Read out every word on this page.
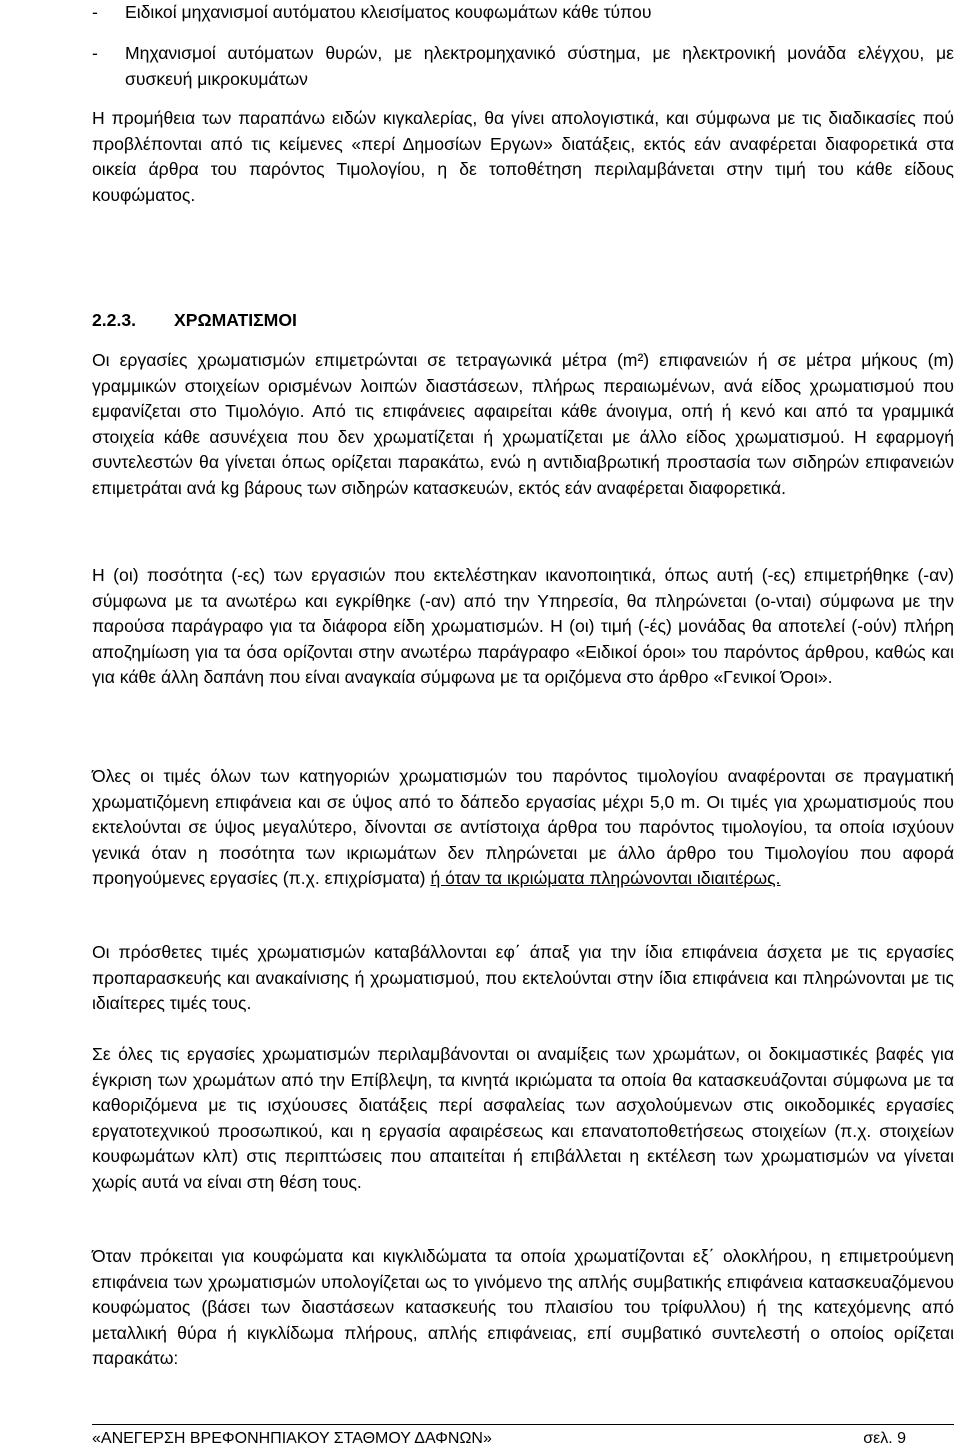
-	Ειδικοί μηχανισμοί αυτόματου κλεισίματος κουφωμάτων κάθε τύπου
-	Μηχανισμοί αυτόματων θυρών, με ηλεκτρομηχανικό σύστημα, με ηλεκτρονική μονάδα ελέγχου, με συσκευή μικροκυμάτων

Η προμήθεια των παραπάνω ειδών κιγκαλερίας, θα γίνει απολογιστικά, και σύμφωνα με τις διαδικασίες πού προβλέπονται από τις κείμενες «περί Δημοσίων Εργων» διατάξεις, εκτός εάν αναφέρεται διαφορετικά στα οικεία άρθρα του παρόντος Τιμολογίου, η δε τοποθέτηση περιλαμβάνεται στην τιμή του κάθε είδους κουφώματος.

2.2.3. ΧΡΩΜΑΤΙΣΜΟΙ

Οι εργασίες χρωματισμών επιμετρώνται σε τετραγωνικά μέτρα (m²) επιφανειών ή σε μέτρα μήκους (m) γραμμικών στοιχείων ορισμένων λοιπών διαστάσεων, πλήρως περαιωμένων, ανά είδος χρωματισμού που εμφανίζεται στο Τιμολόγιο. Από τις επιφάνειες αφαιρείται κάθε άνοιγμα, οπή ή κενό και από τα γραμμικά στοιχεία κάθε ασυνέχεια που δεν χρωματίζεται ή χρωματίζεται με άλλο είδος χρωματισμού. Η εφαρμογή συντελεστών θα γίνεται όπως ορίζεται παρακάτω, ενώ η αντιδιαβρωτική προστασία των σιδηρών επιφανειών επιμετράται ανά kg βάρους των σιδηρών κατασκευών, εκτός εάν αναφέρεται διαφορετικά.

Η (οι) ποσότητα (-ες) των εργασιών που εκτελέστηκαν ικανοποιητικά, όπως αυτή (-ες) επιμετρήθηκε (-αν) σύμφωνα με τα ανωτέρω και εγκρίθηκε (-αν) από την Υπηρεσία, θα πληρώνεται (ο-νται) σύμφωνα με την παρούσα παράγραφο για τα διάφορα είδη χρωματισμών. Η (οι) τιμή (-ές) μονάδας θα αποτελεί (-ούν) πλήρη αποζημίωση για τα όσα ορίζονται στην ανωτέρω παράγραφο «Ειδικοί όροι» του παρόντος άρθρου, καθώς και για κάθε άλλη δαπάνη που είναι αναγκαία σύμφωνα με τα οριζόμενα στο άρθρο «Γενικοί Όροι».

Όλες οι τιμές όλων των κατηγοριών χρωματισμών του παρόντος τιμολογίου αναφέρονται σε πραγματική χρωματιζόμενη επιφάνεια και σε ύψος από το δάπεδο εργασίας μέχρι 5,0 m. Οι τιμές για χρωματισμούς που εκτελούνται σε ύψος μεγαλύτερο, δίνονται σε αντίστοιχα άρθρα του παρόντος τιμολογίου, τα οποία ισχύουν γενικά όταν η ποσότητα των ικριωμάτων δεν πληρώνεται με άλλο άρθρο του Τιμολογίου που αφορά προηγούμενες εργασίες (π.χ. επιχρίσματα) ή όταν τα ικριώματα πληρώνονται ιδιαιτέρως.

Οι πρόσθετες τιμές χρωματισμών καταβάλλονται εφ΄ άπαξ για την ίδια επιφάνεια άσχετα με τις εργασίες προπαρασκευής και ανακαίνισης ή χρωματισμού, που εκτελούνται στην ίδια επιφάνεια και πληρώνονται με τις ιδιαίτερες τιμές τους.

Σε όλες τις εργασίες χρωματισμών περιλαμβάνονται οι αναμίξεις των χρωμάτων, οι δοκιμαστικές βαφές για έγκριση των χρωμάτων από την Επίβλεψη, τα κινητά ικριώματα τα οποία θα κατασκευάζονται σύμφωνα με τα καθοριζόμενα με τις ισχύουσες διατάξεις περί ασφαλείας των ασχολούμενων στις οικοδομικές εργασίες εργατοτεχνικού προσωπικού, και η εργασία αφαιρέσεως και επανατοποθετήσεως στοιχείων (π.χ. στοιχείων κουφωμάτων κλπ) στις περιπτώσεις που απαιτείται ή επιβάλλεται η εκτέλεση των χρωματισμών να γίνεται χωρίς αυτά να είναι στη θέση τους.

Όταν πρόκειται για κουφώματα και κιγκλιδώματα τα οποία χρωματίζονται εξ΄ ολοκλήρου, η επιμετρούμενη επιφάνεια των χρωματισμών υπολογίζεται ως το γινόμενο της απλής συμβατικής επιφάνεια κατασκευαζόμενου κουφώματος (βάσει των διαστάσεων κατασκευής του πλαισίου του τρίφυλλου) ή της κατεχόμενης από μεταλλική θύρα ή κιγκλίδωμα πλήρους, απλής επιφάνειας, επί συμβατικό συντελεστή ο οποίος ορίζεται παρακάτω:

«ΑΝΕΓΕΡΣΗ ΒΡΕΦΟΝΗΠΙΑΚΟΥ ΣΤΑΘΜΟΥ ΔΑΦΝΩΝ»	σελ. 9
